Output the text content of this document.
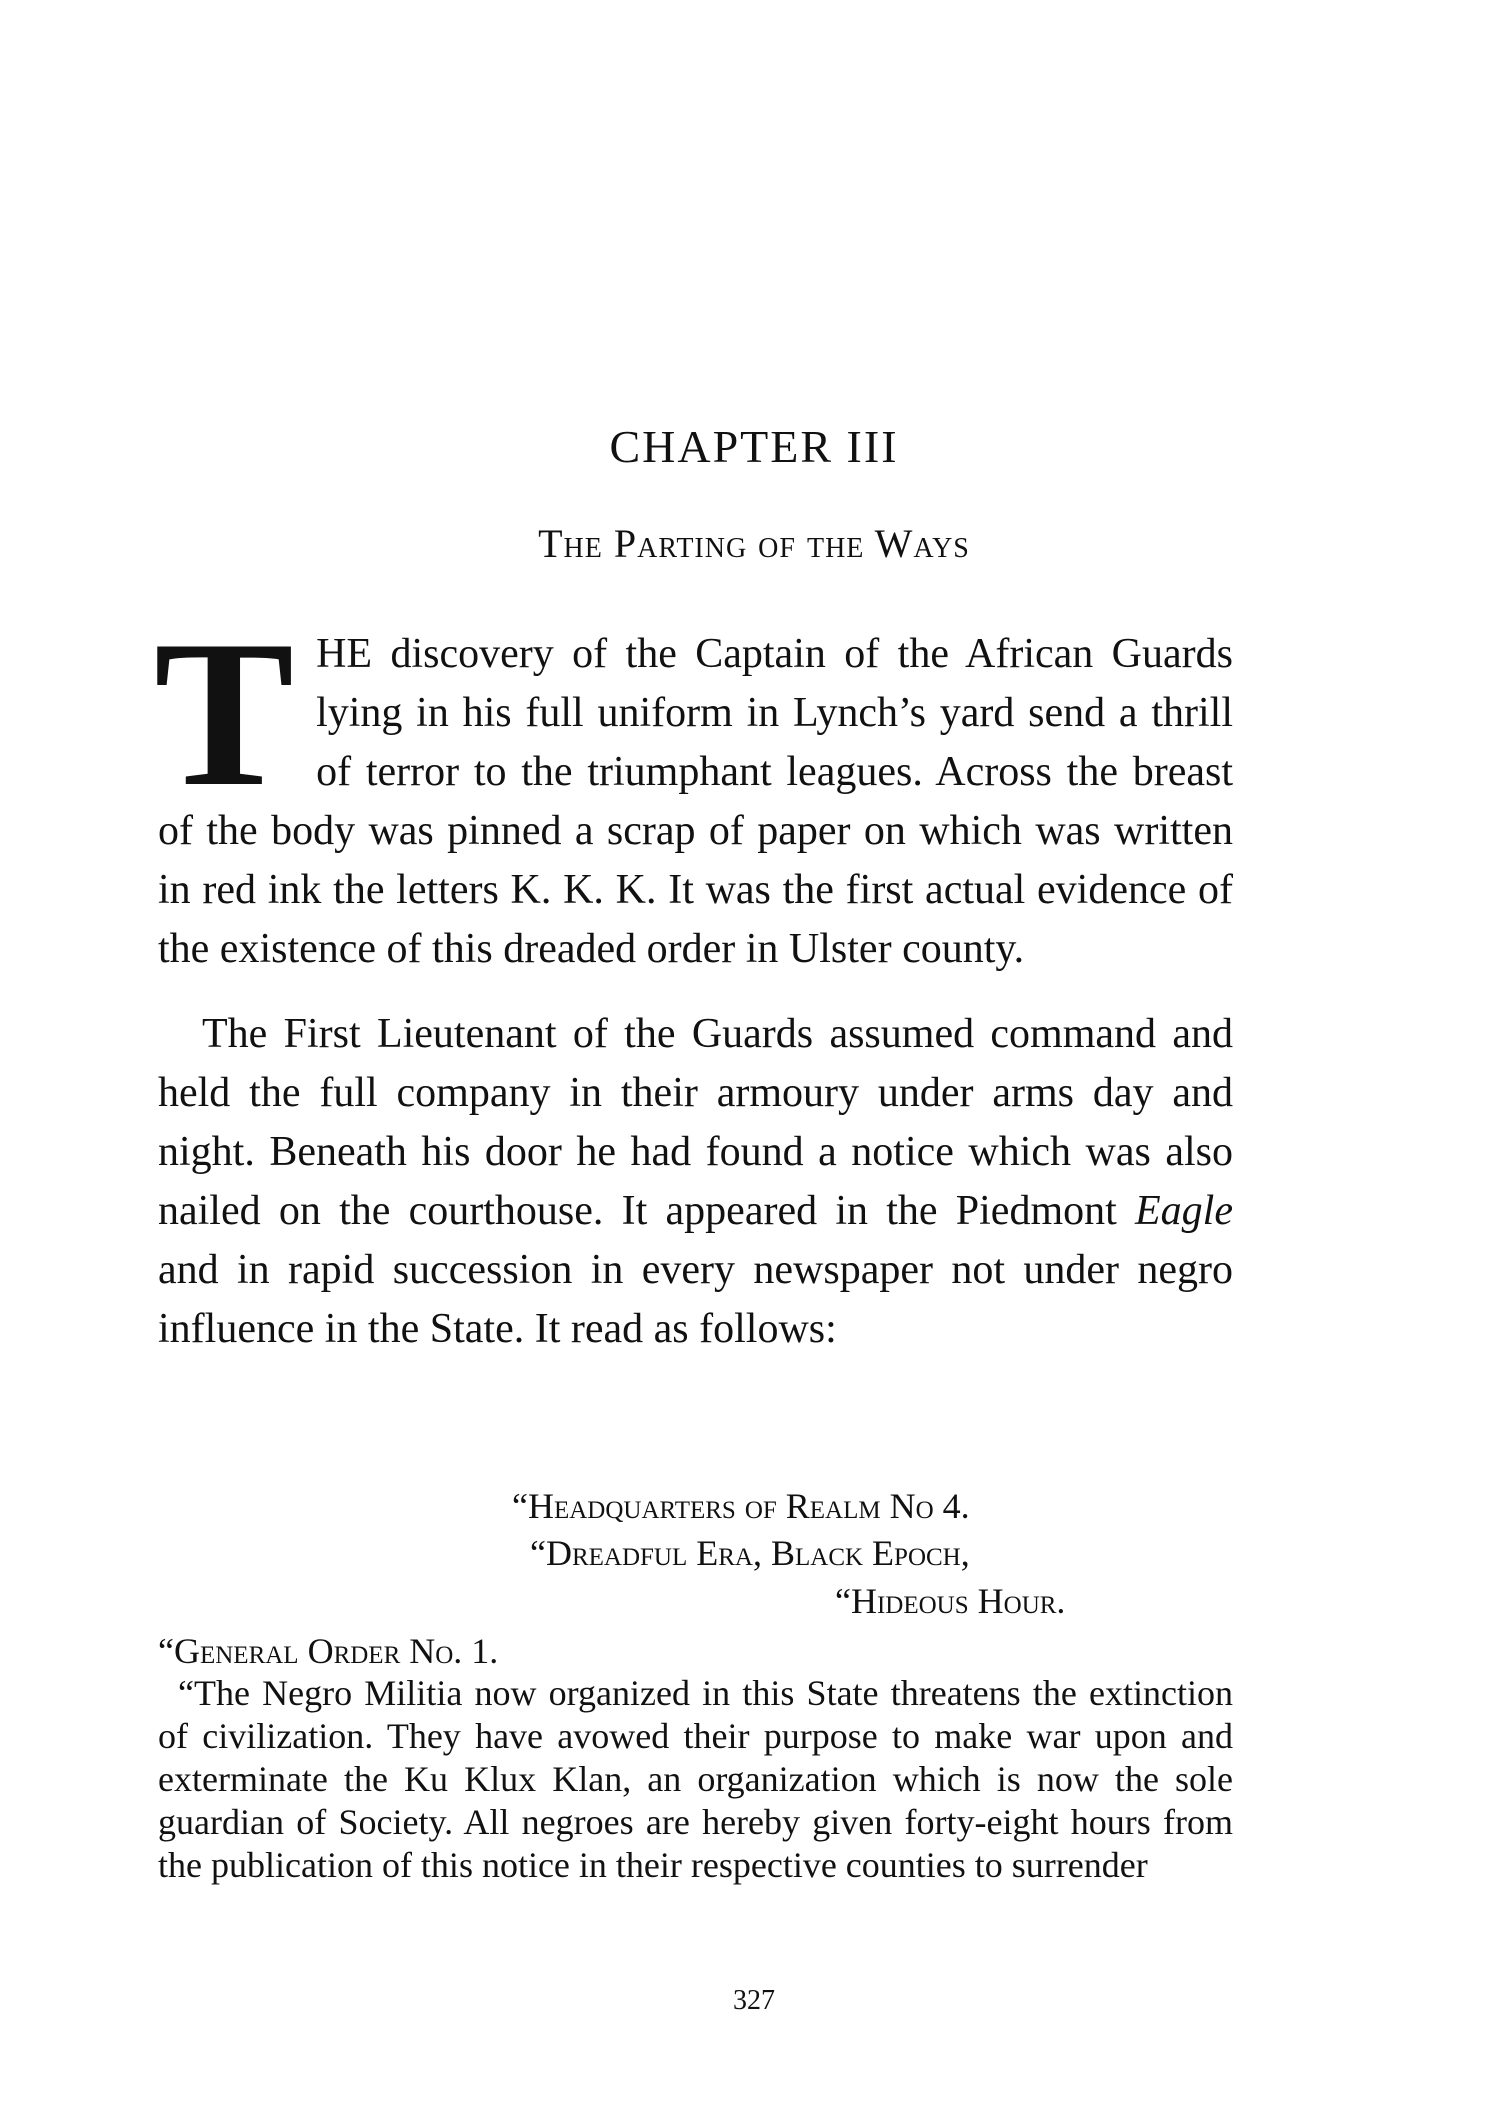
CHAPTER III
The Parting of the Ways
THE discovery of the Captain of the African Guards lying in his full uniform in Lynch’s yard send a thrill of terror to the triumphant leagues. Across the breast of the body was pinned a scrap of paper on which was written in red ink the letters K. K. K. It was the first actual evidence of the existence of this dreaded order in Ulster county.
The First Lieutenant of the Guards assumed command and held the full company in their armoury under arms day and night. Beneath his door he had found a notice which was also nailed on the courthouse. It appeared in the Piedmont Eagle and in rapid succession in every newspaper not under negro influence in the State. It read as follows:
“Headquarters of Realm No 4.
“Dreadful Era, Black Epoch,
“Hideous Hour.
“General Order No. 1.
“The Negro Militia now organized in this State threatens the extinction of civilization. They have avowed their purpose to make war upon and exterminate the Ku Klux Klan, an organization which is now the sole guardian of Society. All negroes are hereby given forty-eight hours from the publication of this notice in their respective counties to surrender
327
